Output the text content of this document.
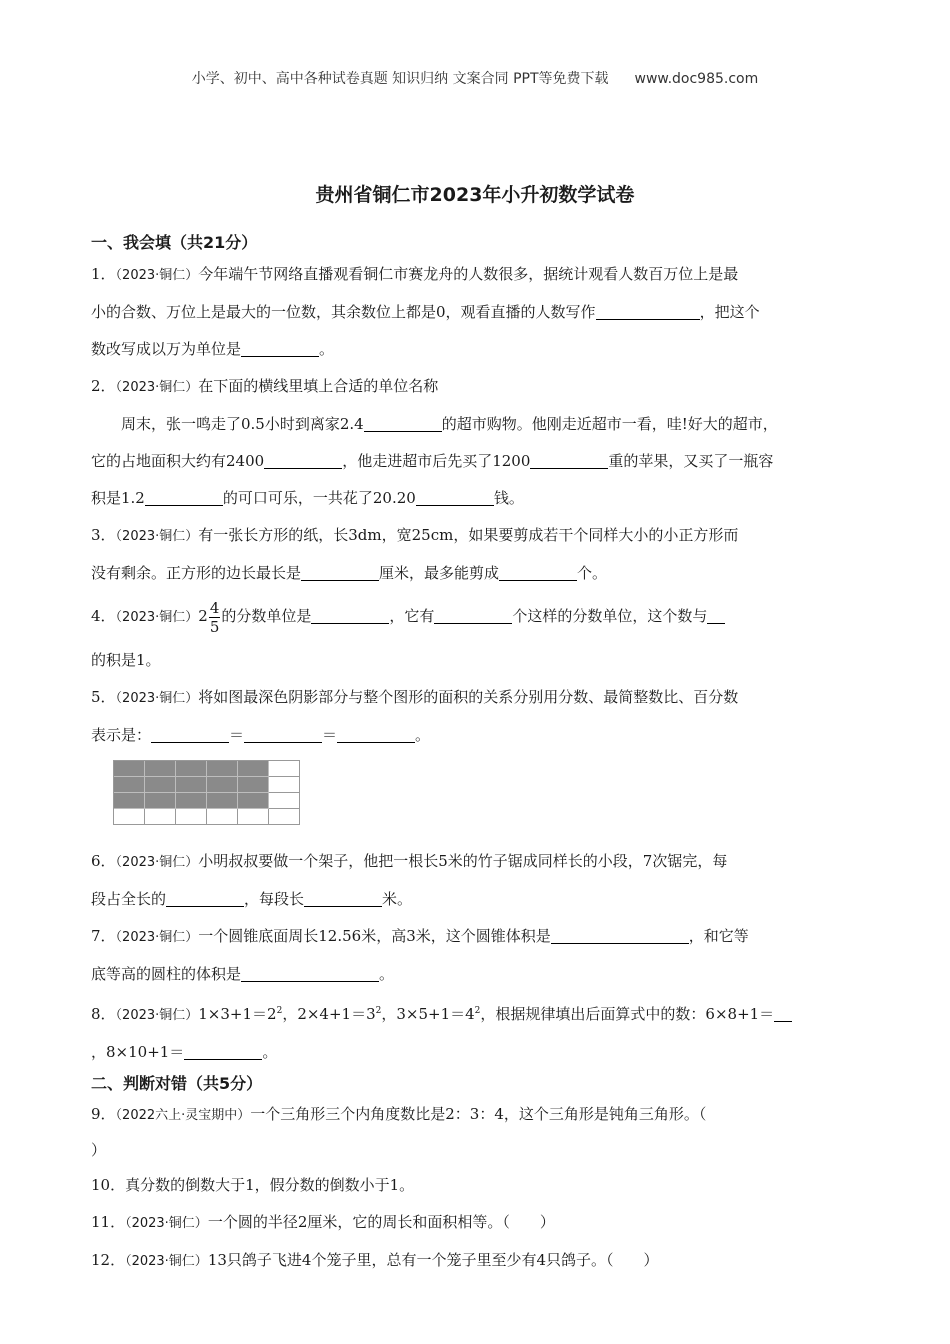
小学、初中、高中各种试卷真题 知识归纳 文案合同 PPT等免费下载 www.doc985.com
贵州省铜仁市2023年小升初数学试卷
一、我会填（共21分）

1．（2023·铜仁）今年端午节网络直播观看铜仁市赛龙舟的人数很多，据统计观看人数百万位上是最

小的合数、万位上是最大的一位数，其余数位上都是0，观看直播的人数写作	，把这个

数改写成以万为单位是	。

2．（2023·铜仁）在下面的横线里填上合适的单位名称

周末，张一鸣走了0.5小时到离家2.4	的超市购物。他刚走近超市一看，哇!好大的超市，

它的占地面积大约有2400	，他走进超市后先买了1200	重的苹果，又买了一瓶容

积是1.2	的可口可乐，一共花了20.20	钱。

3．（2023·铜仁）有一张长方形的纸，长3dm，宽25cm，如果要剪成若干个同样大小的小正方形而

没有剩余。正方形的边长最长是	厘米，最多能剪成	个。

4．（2023·铜仁）$2 \frac{4}{5}$ 的分数单位是	，它有	个这样的分数单位，这个数与

的积是1。

5．（2023·铜仁）将如图最深色阴影部分与整个图形的面积的关系分别用分数、最简整数比、百分数

表示是：	＝	＝	。

6．（2023·铜仁）小明叔叔要做一个架子，他把一根长5米的竹子锯成同样长的小段，7次锯完，每

段占全长的	，每段长	米。

7．（2023·铜仁）一个圆锥底面周长12.56米，高3米，这个圆锥体积是	，和它等

底等高的圆柱的体积是	。

8．（2023·铜仁）$1\times 3+1=2^2$，$2\times 4+1=3^2$，$3\times 5+1=4^2$，根据规律填出后面算式中的数：6×8+1＝

，8×10+1＝	。

二、判断对错（共5分）

9．（2022六上·灵宝期中）一个三角形三个内角度数比是2：3：4，这个三角形是钝角三角形。（

）

10．真分数的倒数大于1，假分数的倒数小于1。

11．（2023·铜仁）一个圆的半径2厘米，它的周长和面积相等。（　　）

12．（2023·铜仁）13只鸽子飞进4个笼子里，总有一个笼子里至少有4只鸽子。（　　）
